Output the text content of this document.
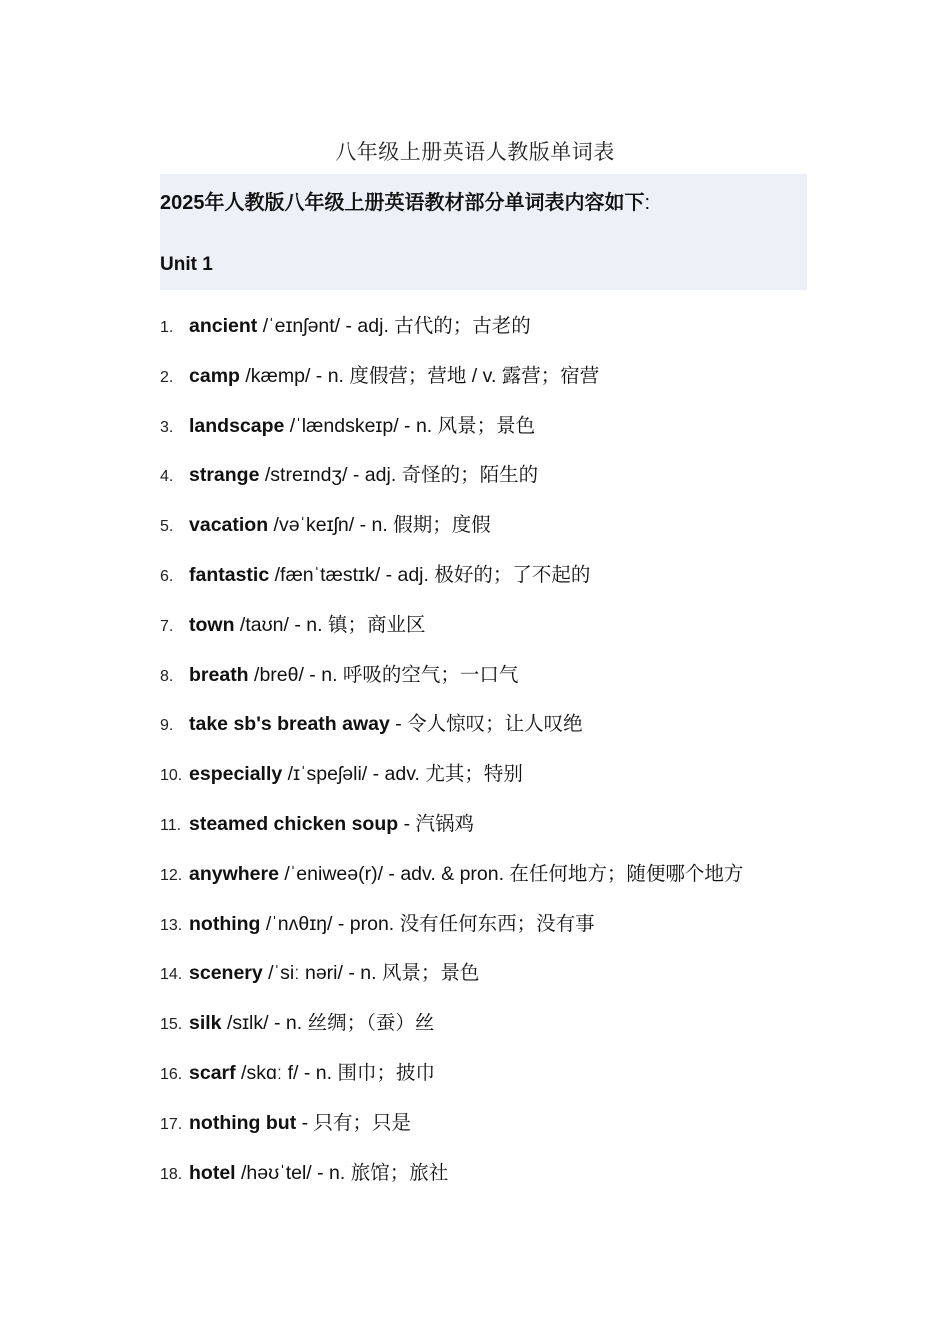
八年级上册英语人教版单词表
2025年人教版八年级上册英语教材部分单词表内容如下:
Unit 1
1. ancient /ˈeɪnʃənt/ - adj. 古代的；古老的
2. camp /kæmp/ - n. 度假营；营地 / v. 露营；宿营
3. landscape /ˈlændskeɪp/ - n. 风景；景色
4. strange /streɪndʒ/ - adj. 奇怪的；陌生的
5. vacation /vəˈkeɪʃn/ - n. 假期；度假
6. fantastic /fænˈtæstɪk/ - adj. 极好的；了不起的
7. town /taʊn/ - n. 镇；商业区
8. breath /breθ/ - n. 呼吸的空气；一口气
9. take sb's breath away - 令人惊叹；让人叹绝
10. especially /ɪˈspeʃəli/ - adv. 尤其；特别
11. steamed chicken soup - 汽锅鸡
12. anywhere /ˈeniweə(r)/ - adv. & pron. 在任何地方；随便哪个地方
13. nothing /ˈnʌθɪŋ/ - pron. 没有任何东西；没有事
14. scenery /ˈsiː nəri/ - n. 风景；景色
15. silk /sɪlk/ - n. 丝绸；（蚕）丝
16. scarf /skɑː f/ - n. 围巾；披巾
17. nothing but - 只有；只是
18. hotel /həʊˈtel/ - n. 旅馆；旅社
